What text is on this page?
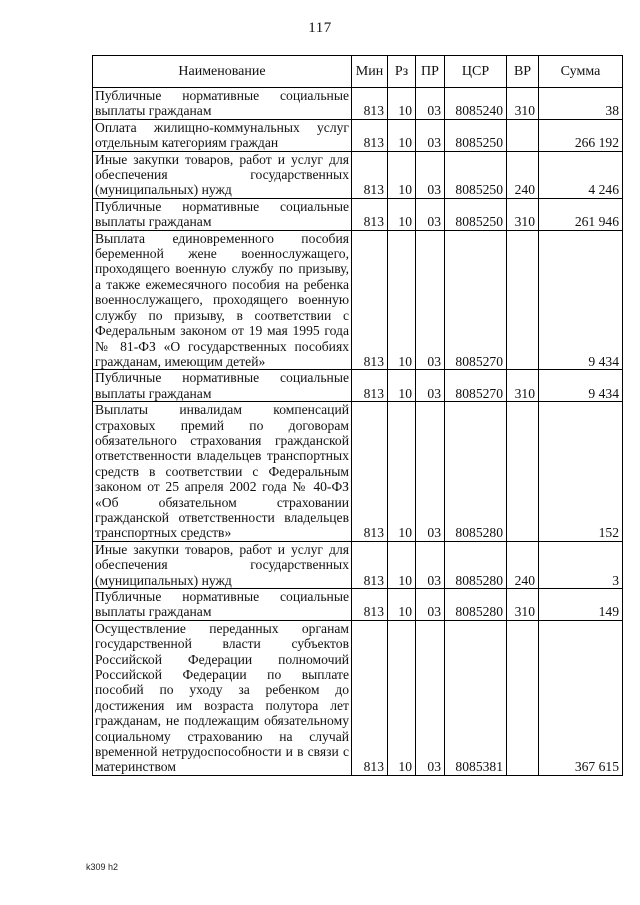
117
Наименование	Мин	Рз	ПР	ЦСР	ВР	Сумма
Публичные нормативные социальные выплаты гражданам	813	10	03	8085240	310	38
Оплата жилищно-коммунальных услуг отдельным категориям граждан	813	10	03	8085250		266 192
Иные закупки товаров, работ и услуг для обеспечения государственных (муниципальных) нужд	813	10	03	8085250	240	4 246
Публичные нормативные социальные выплаты гражданам	813	10	03	8085250	310	261 946
Выплата единовременного пособия беременной жене военнослужащего, проходящего военную службу по призыву, а также ежемесячного пособия на ребенка военнослужащего, проходящего военную службу по призыву, в соответствии с Федеральным законом от 19 мая 1995 года № 81-ФЗ «О государственных пособиях гражданам, имеющим детей»	813	10	03	8085270		9 434
Публичные нормативные социальные выплаты гражданам	813	10	03	8085270	310	9 434
Выплаты инвалидам компенсаций страховых премий по договорам обязательного страхования гражданской ответственности владельцев транспортных средств в соответствии с Федеральным законом от 25 апреля 2002 года № 40-ФЗ «Об обязательном страховании гражданской ответственности владельцев транспортных средств»	813	10	03	8085280		152
Иные закупки товаров, работ и услуг для обеспечения государственных (муниципальных) нужд	813	10	03	8085280	240	3
Публичные нормативные социальные выплаты гражданам	813	10	03	8085280	310	149
Осуществление переданных органам государственной власти субъектов Российской Федерации полномочий Российской Федерации по выплате пособий по уходу за ребенком до достижения им возраста полутора лет гражданам, не подлежащим обязательному социальному страхованию на случай временной нетрудоспособности и в связи с материнством	813	10	03	8085381		367 615
k309 h2
